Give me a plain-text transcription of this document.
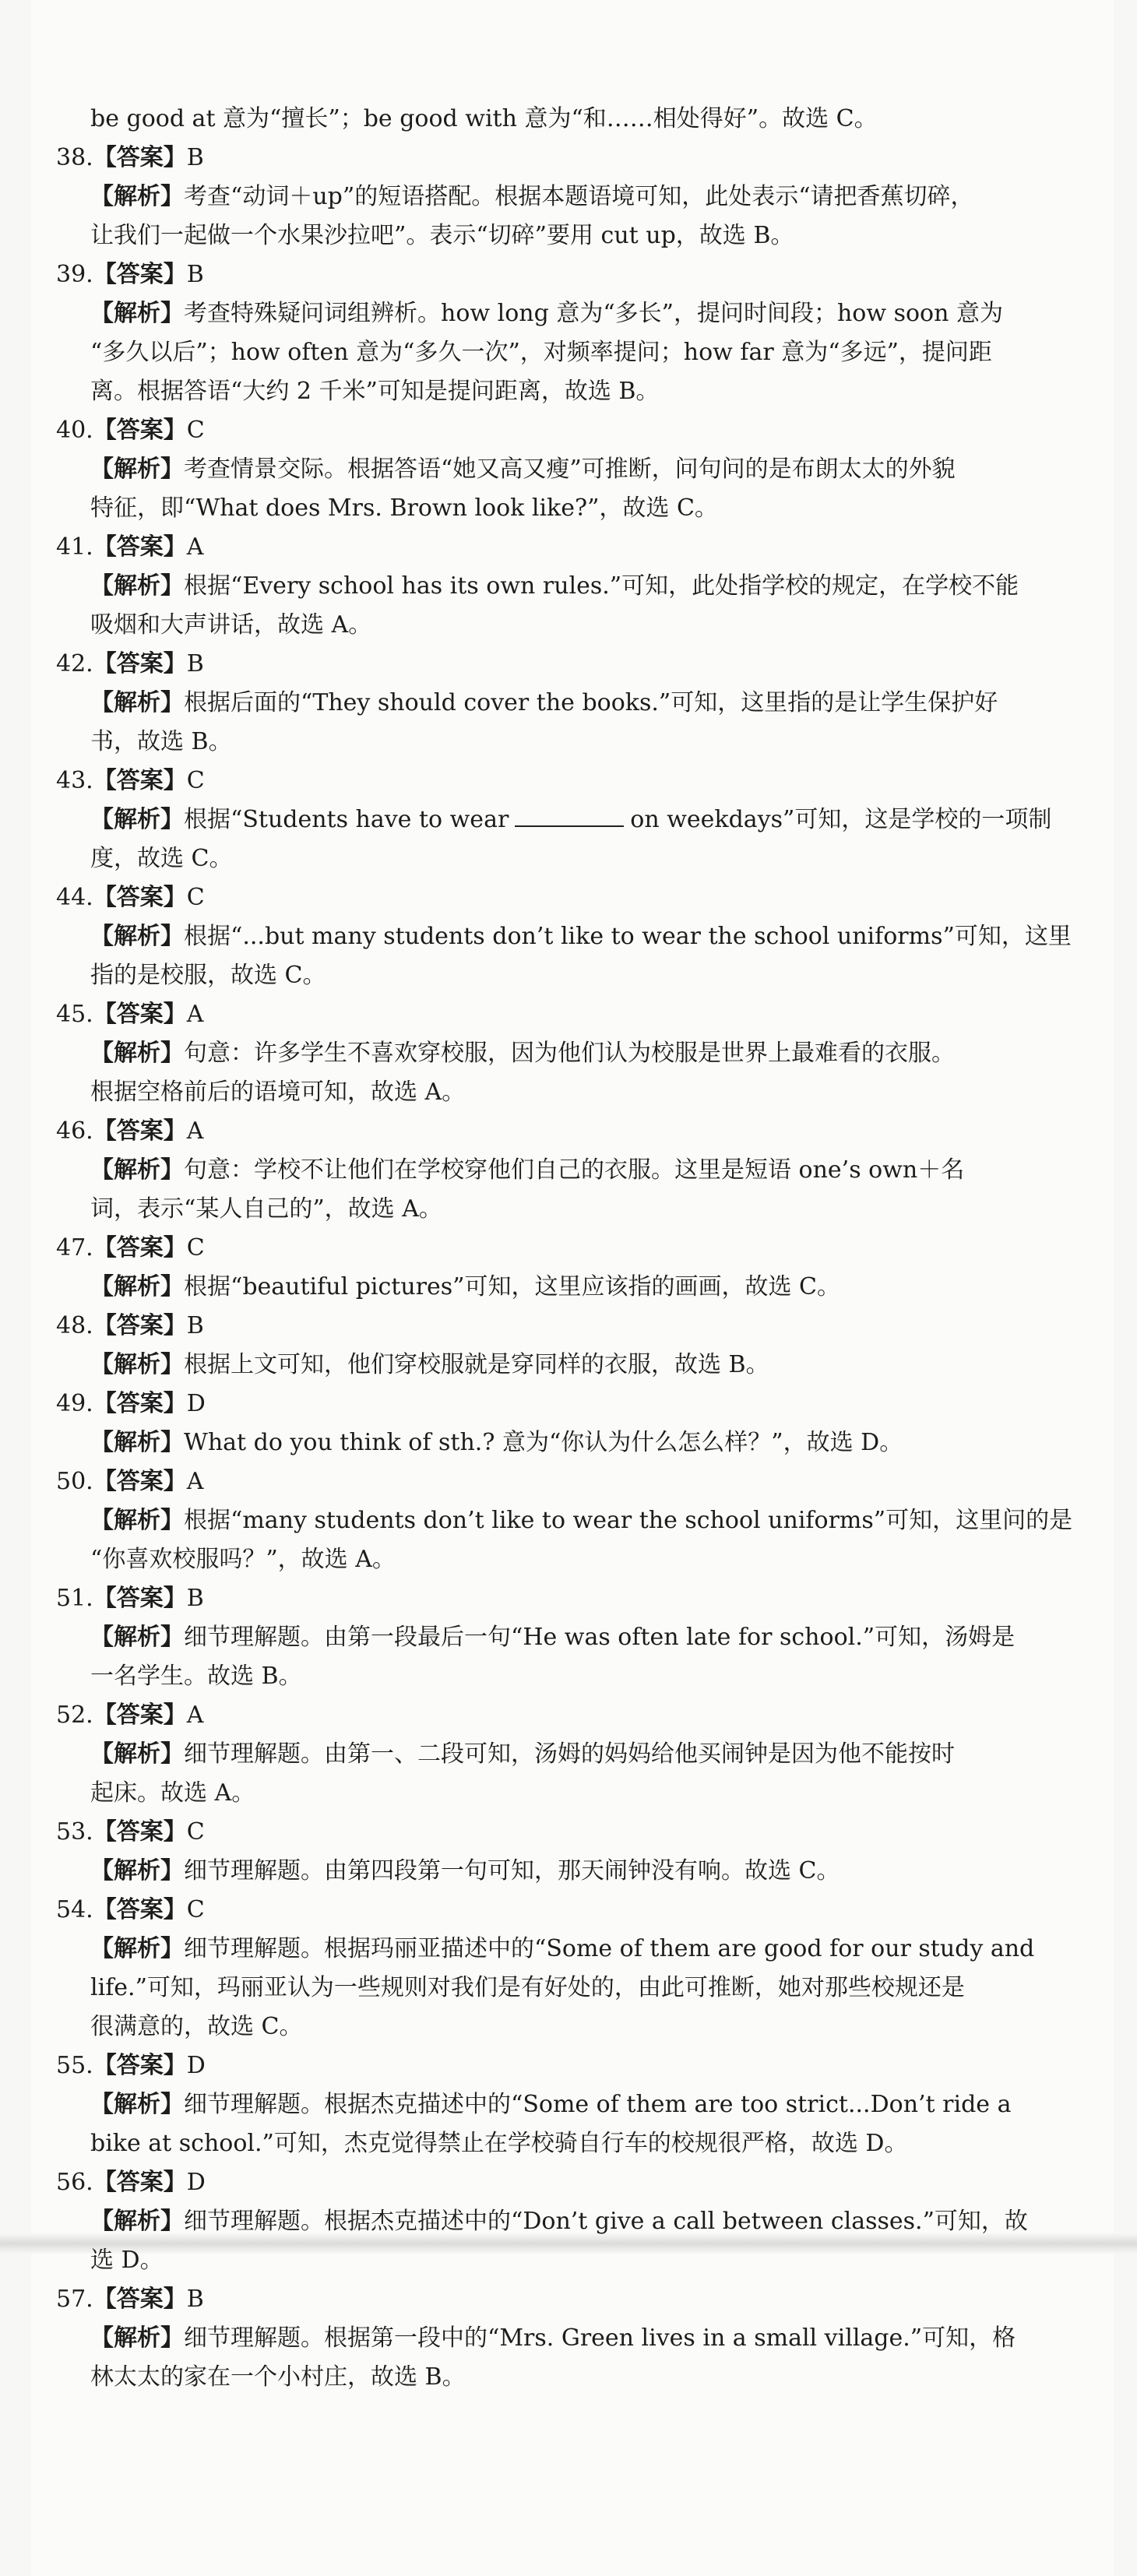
be good at 意为“擅长”；be good with 意为“和……相处得好”。故选 C。
38.【答案】B
【解析】考查“动词＋up”的短语搭配。根据本题语境可知，此处表示“请把香蕉切碎，
让我们一起做一个水果沙拉吧”。表示“切碎”要用 cut up，故选 B。
39.【答案】B
【解析】考查特殊疑问词组辨析。how long 意为“多长”，提问时间段；how soon 意为
“多久以后”；how often 意为“多久一次”，对频率提问；how far 意为“多远”，提问距
离。根据答语“大约 2 千米”可知是提问距离，故选 B。
40.【答案】C
【解析】考查情景交际。根据答语“她又高又瘦”可推断，问句问的是布朗太太的外貌
特征，即“What does Mrs. Brown look like?”，故选 C。
41.【答案】A
【解析】根据“Every school has its own rules.”可知，此处指学校的规定，在学校不能
吸烟和大声讲话，故选 A。
42.【答案】B
【解析】根据后面的“They should cover the books.”可知，这里指的是让学生保护好
书，故选 B。
43.【答案】C
【解析】根据“Students have to wear	on weekdays”可知，这是学校的一项制
度，故选 C。
44.【答案】C
【解析】根据“...but many students don’t like to wear the school uniforms”可知，这里
指的是校服，故选 C。
45.【答案】A
【解析】句意：许多学生不喜欢穿校服，因为他们认为校服是世界上最难看的衣服。
根据空格前后的语境可知，故选 A。
46.【答案】A
【解析】句意：学校不让他们在学校穿他们自己的衣服。这里是短语 one’s own＋名
词，表示“某人自己的”，故选 A。
47.【答案】C
【解析】根据“beautiful pictures”可知，这里应该指的画画，故选 C。
48.【答案】B
【解析】根据上文可知，他们穿校服就是穿同样的衣服，故选 B。
49.【答案】D
【解析】What do you think of sth.? 意为“你认为什么怎么样？”，故选 D。
50.【答案】A
【解析】根据“many students don’t like to wear the school uniforms”可知，这里问的是
“你喜欢校服吗？”，故选 A。
51.【答案】B
【解析】细节理解题。由第一段最后一句“He was often late for school.”可知，汤姆是
一名学生。故选 B。
52.【答案】A
【解析】细节理解题。由第一、二段可知，汤姆的妈妈给他买闹钟是因为他不能按时
起床。故选 A。
53.【答案】C
【解析】细节理解题。由第四段第一句可知，那天闹钟没有响。故选 C。
54.【答案】C
【解析】细节理解题。根据玛丽亚描述中的“Some of them are good for our study and
life.”可知，玛丽亚认为一些规则对我们是有好处的，由此可推断，她对那些校规还是
很满意的，故选 C。
55.【答案】D
【解析】细节理解题。根据杰克描述中的“Some of them are too strict...Don’t ride a
bike at school.”可知，杰克觉得禁止在学校骑自行车的校规很严格，故选 D。
56.【答案】D
【解析】细节理解题。根据杰克描述中的“Don’t give a call between classes.”可知，故
选 D。
57.【答案】B
【解析】细节理解题。根据第一段中的“Mrs. Green lives in a small village.”可知，格
林太太的家在一个小村庄，故选 B。
